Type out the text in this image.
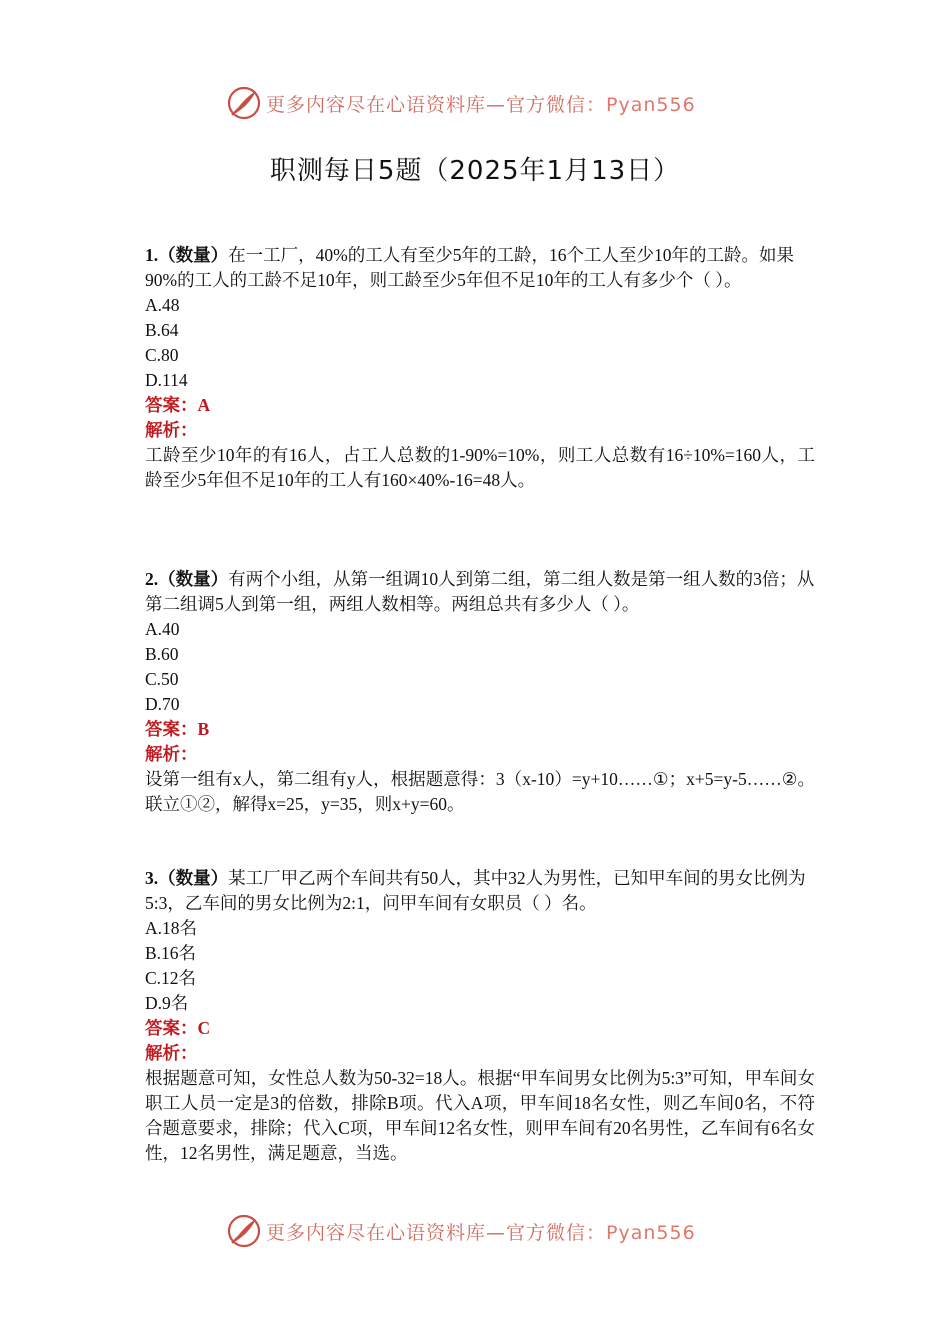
更多内容尽在心语资料库—官方微信：Pyan556
职测每日5题（2025年1月13日）

1.（数量）在一工厂，40%的工人有至少5年的工龄，16个工人至少10年的工龄。如果90%的工人的工龄不足10年，则工龄至少5年但不足10年的工人有多少个（ ）。

A.48

B.64

C.80

D.114

答案：A

解析：

工龄至少10年的有16人，占工人总数的1-90%=10%，则工人总数有16÷10%=160人，工龄至少5年但不足10年的工人有160×40%-16=48人。

2.（数量）有两个小组，从第一组调10人到第二组，第二组人数是第一组人数的3倍；从第二组调5人到第一组，两组人数相等。两组总共有多少人（ ）。

A.40

B.60

C.50

D.70

答案：B

解析：

设第一组有x人，第二组有y人，根据题意得：3（x-10）=y+10……①；x+5=y-5……②。联立①②，解得x=25，y=35，则x+y=60。

3.（数量）某工厂甲乙两个车间共有50人，其中32人为男性，已知甲车间的男女比例为5:3，乙车间的男女比例为2:1，问甲车间有女职员（ ）名。

A.18名

B.16名

C.12名

D.9名

答案：C

解析：

根据题意可知，女性总人数为50-32=18人。根据“甲车间男女比例为5:3”可知，甲车间女职工人员一定是3的倍数，排除B项。代入A项，甲车间18名女性，则乙车间0名，不符合题意要求，排除；代入C项，甲车间12名女性，则甲车间有20名男性，乙车间有6名女性，12名男性，满足题意，当选。

更多内容尽在心语资料库—官方微信：Pyan556
